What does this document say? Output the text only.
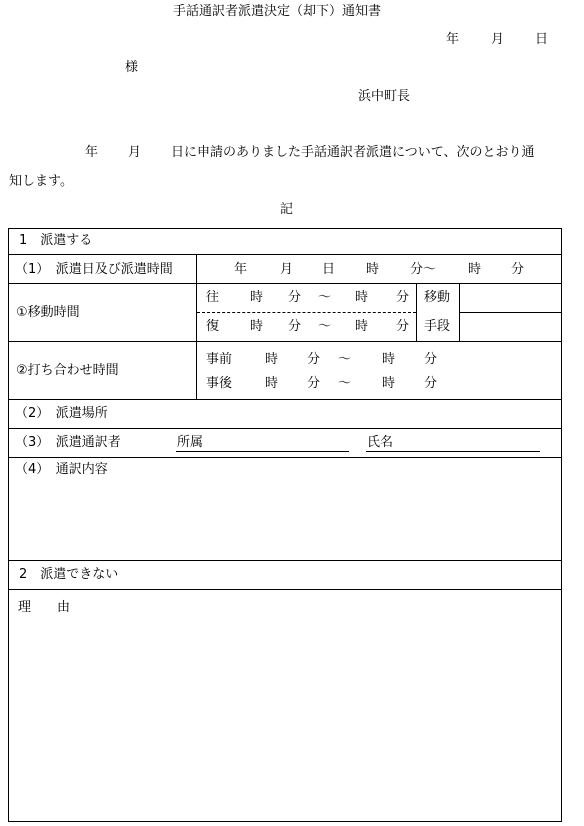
手話通訳者派遣決定（却下）通知書
年 月 日
様
浜中町長
年 月 日に申請のありました手話通訳者派遣について、次のとおり通
知します。
記
1　派遣する
（1）　派遣日及び派遣時間	年	月 日 時 分～ 時 分
①移動時間
往 時 分 ～ 時 分 移動
復 時 分 ～ 時 分 手段
②打ち合わせ時間
事前	時 分 ～ 時 分
事後	時 分 ～ 時 分
（2）　派遣場所
（3）　派遣通訳者	所属	氏名
（4）　通訳内容
2　派遣できない
理　　由
